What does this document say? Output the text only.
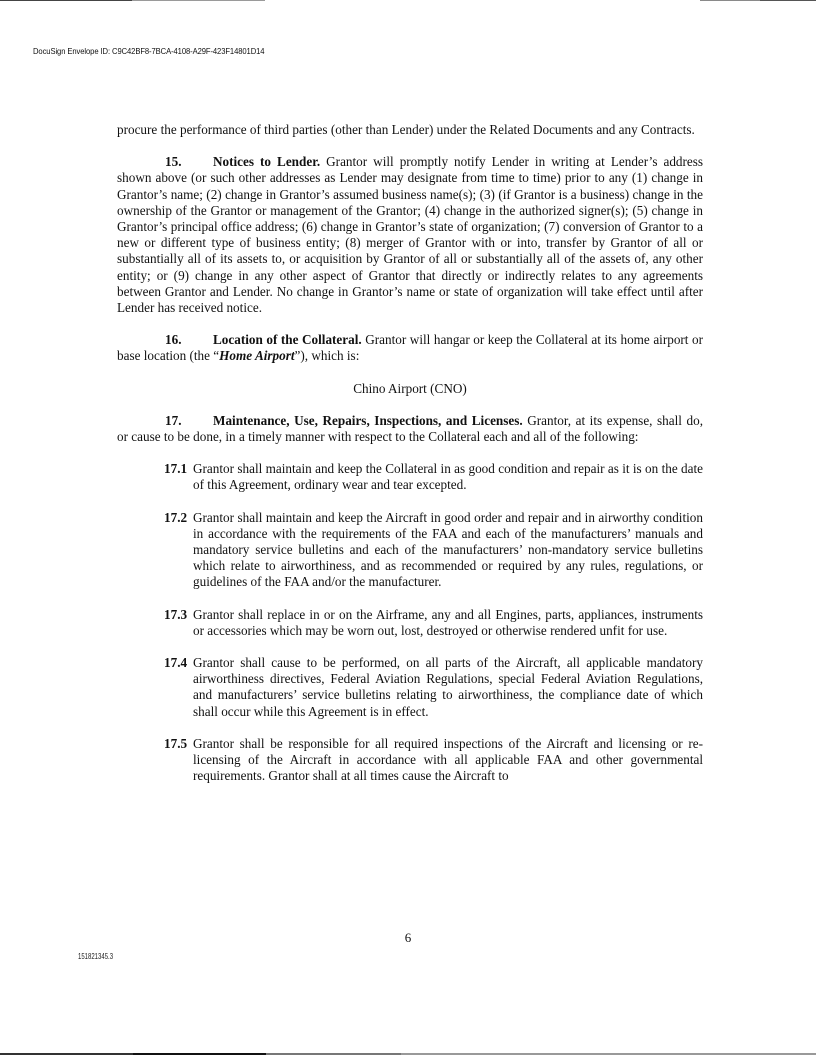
DocuSign Envelope ID: C9C42BF8-7BCA-4108-A29F-423F14801D14

procure the performance of third parties (other than Lender) under the Related Documents and any Contracts.

15. Notices to Lender. Grantor will promptly notify Lender in writing at Lender’s address shown above (or such other addresses as Lender may designate from time to time) prior to any (1) change in Grantor’s name; (2) change in Grantor’s assumed business name(s); (3) (if Grantor is a business) change in the ownership of the Grantor or management of the Grantor; (4) change in the authorized signer(s); (5) change in Grantor’s principal office address; (6) change in Grantor’s state of organization; (7) conversion of Grantor to a new or different type of business entity; (8) merger of Grantor with or into, transfer by Grantor of all or substantially all of its assets to, or acquisition by Grantor of all or substantially all of the assets of, any other entity; or (9) change in any other aspect of Grantor that directly or indirectly relates to any agreements between Grantor and Lender. No change in Grantor’s name or state of organization will take effect until after Lender has received notice.

16. Location of the Collateral. Grantor will hangar or keep the Collateral at its home airport or base location (the “Home Airport”), which is:

Chino Airport (CNO)

17. Maintenance, Use, Repairs, Inspections, and Licenses. Grantor, at its expense, shall do, or cause to be done, in a timely manner with respect to the Collateral each and all of the following:

17.1 Grantor shall maintain and keep the Collateral in as good condition and repair as it is on the date of this Agreement, ordinary wear and tear excepted.
17.2 Grantor shall maintain and keep the Aircraft in good order and repair and in airworthy condition in accordance with the requirements of the FAA and each of the manufacturers’ manuals and mandatory service bulletins and each of the manufacturers’ non-mandatory service bulletins which relate to airworthiness, and as recommended or required by any rules, regulations, or guidelines of the FAA and/or the manufacturer.
17.3 Grantor shall replace in or on the Airframe, any and all Engines, parts, appliances, instruments or accessories which may be worn out, lost, destroyed or otherwise rendered unfit for use.
17.4 Grantor shall cause to be performed, on all parts of the Aircraft, all applicable mandatory airworthiness directives, Federal Aviation Regulations, special Federal Aviation Regulations, and manufacturers’ service bulletins relating to airworthiness, the compliance date of which shall occur while this Agreement is in effect.
17.5 Grantor shall be responsible for all required inspections of the Aircraft and licensing or re-licensing of the Aircraft in accordance with all applicable FAA and other governmental requirements. Grantor shall at all times cause the Aircraft to
6
151821345.3
